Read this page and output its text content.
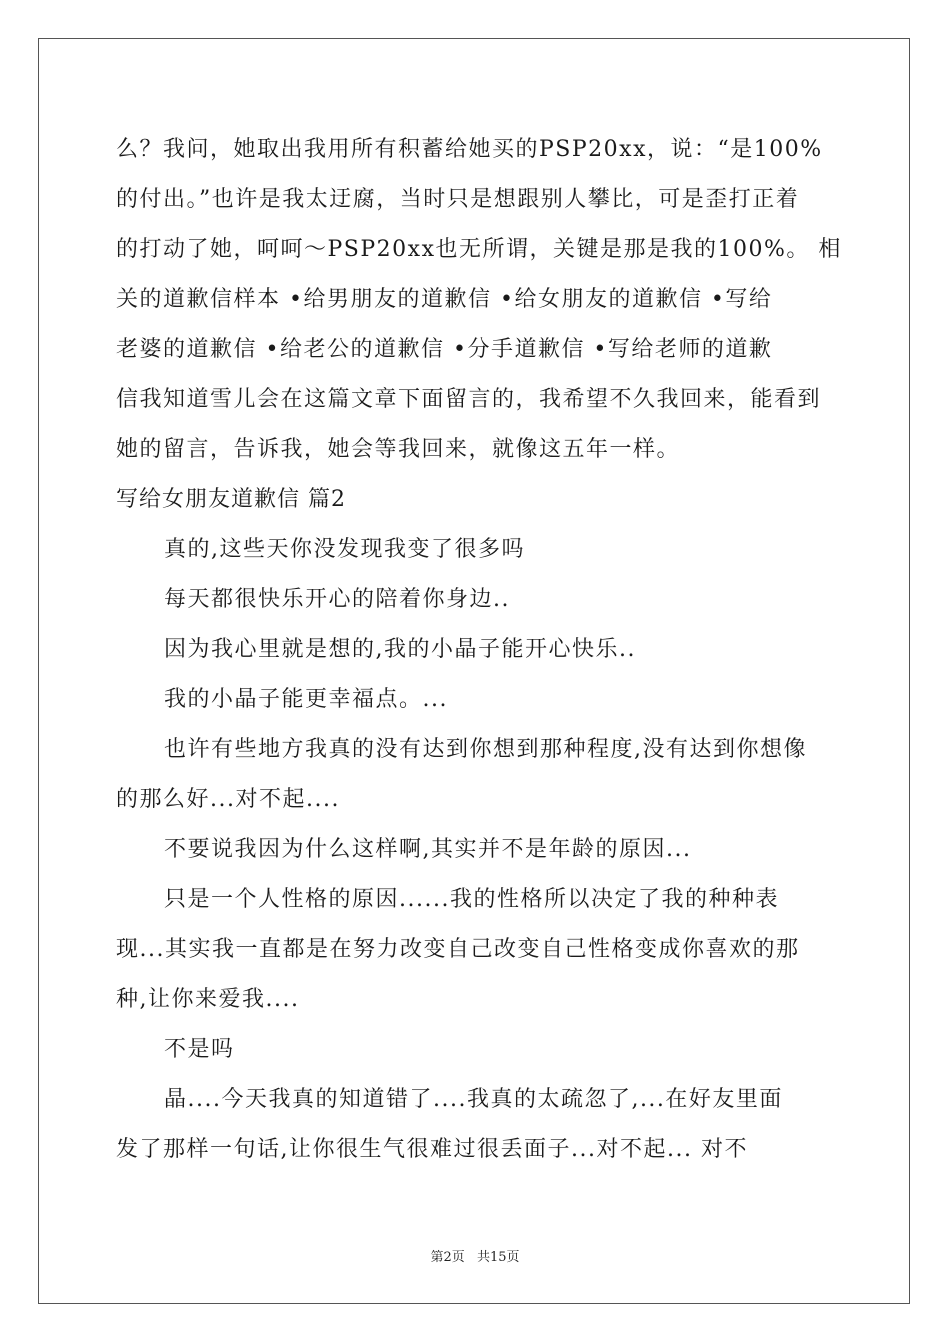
么？我问，她取出我用所有积蓄给她买的PSP20xx，说：“是100%
的付出。”也许是我太迂腐，当时只是想跟别人攀比，可是歪打正着
的打动了她，呵呵～PSP20xx也无所谓，关键是那是我的100%。 相
关的道歉信样本 •给男朋友的道歉信 •给女朋友的道歉信 •写给
老婆的道歉信 •给老公的道歉信 •分手道歉信 •写给老师的道歉
信我知道雪儿会在这篇文章下面留言的，我希望不久我回来，能看到
她的留言，告诉我，她会等我回来，就像这五年一样。
写给女朋友道歉信 篇2
真的,这些天你没发现我变了很多吗
每天都很快乐开心的陪着你身边..
因为我心里就是想的,我的小晶子能开心快乐..
我的小晶子能更幸福点。...
也许有些地方我真的没有达到你想到那种程度,没有达到你想像
的那么好...对不起....
不要说我因为什么这样啊,其实并不是年龄的原因...
只是一个人性格的原因......我的性格所以决定了我的种种表
现...其实我一直都是在努力改变自己改变自己性格变成你喜欢的那
种,让你来爱我....
不是吗
晶....今天我真的知道错了....我真的太疏忽了,...在好友里面
发了那样一句话,让你很生气很难过很丢面子...对不起... 对不
第2页 共15页
